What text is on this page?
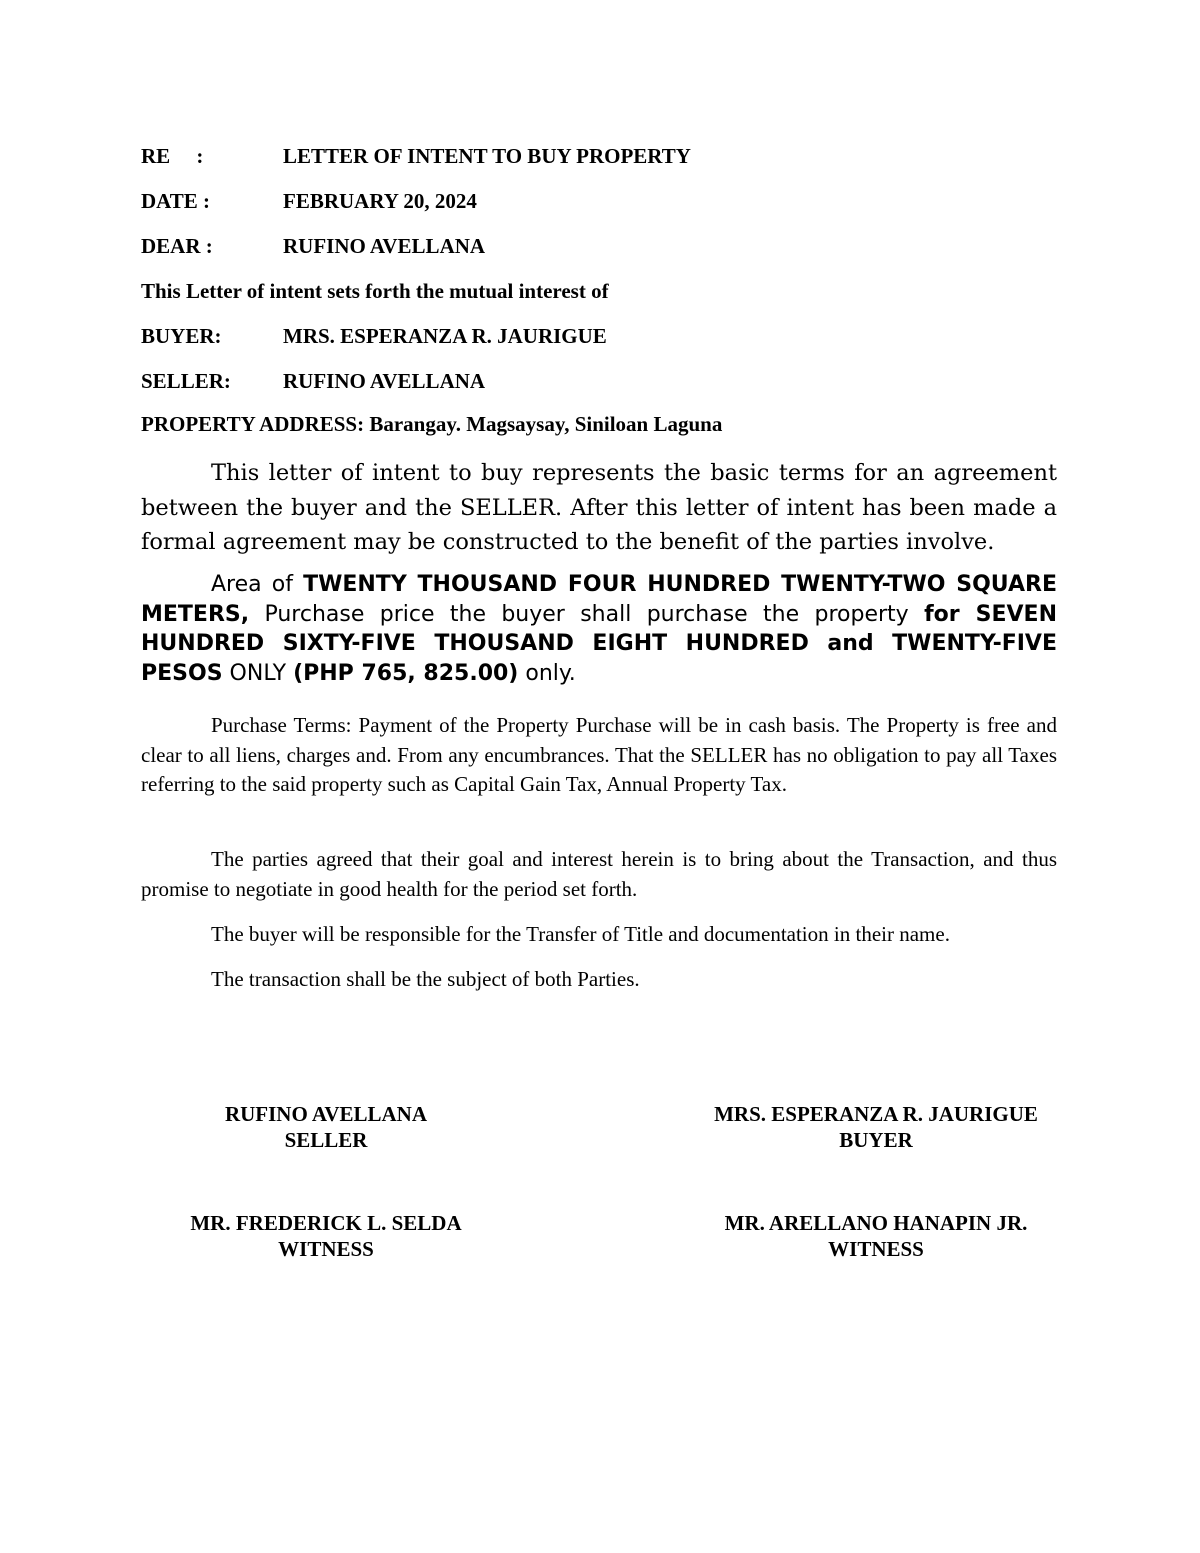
RE     :	LETTER OF INTENT TO BUY PROPERTY
DATE :	FEBRUARY 20, 2024
DEAR :	RUFINO AVELLANA
This Letter of intent sets forth the mutual interest of
BUYER:	MRS. ESPERANZA R. JAURIGUE
SELLER: RUFINO AVELLANA
PROPERTY ADDRESS: Barangay. Magsaysay, Siniloan Laguna

This letter of intent to buy represents the basic terms for an agreement between the buyer and the SELLER. After this letter of intent has been made a formal agreement may be constructed to the benefit of the parties involve.

Area of TWENTY THOUSAND FOUR HUNDRED TWENTY-TWO SQUARE METERS, Purchase price the buyer shall purchase the property for SEVEN HUNDRED SIXTY-FIVE THOUSAND EIGHT HUNDRED and TWENTY-FIVE PESOS ONLY (PHP 765, 825.00) only.

Purchase Terms: Payment of the Property Purchase will be in cash basis. The Property is free and clear to all liens, charges and. From any encumbrances. That the SELLER has no obligation to pay all Taxes referring to the said property such as Capital Gain Tax, Annual Property Tax.

The parties agreed that their goal and interest herein is to bring about the Transaction, and thus promise to negotiate in good health for the period set forth.

The buyer will be responsible for the Transfer of Title and documentation in their name.
The transaction shall be the subject of both Parties.
RUFINO AVELLANA
SELLER
MRS. ESPERANZA R. JAURIGUE
BUYER
MR. FREDERICK L. SELDA
WITNESS
MR. ARELLANO HANAPIN JR.
WITNESS
